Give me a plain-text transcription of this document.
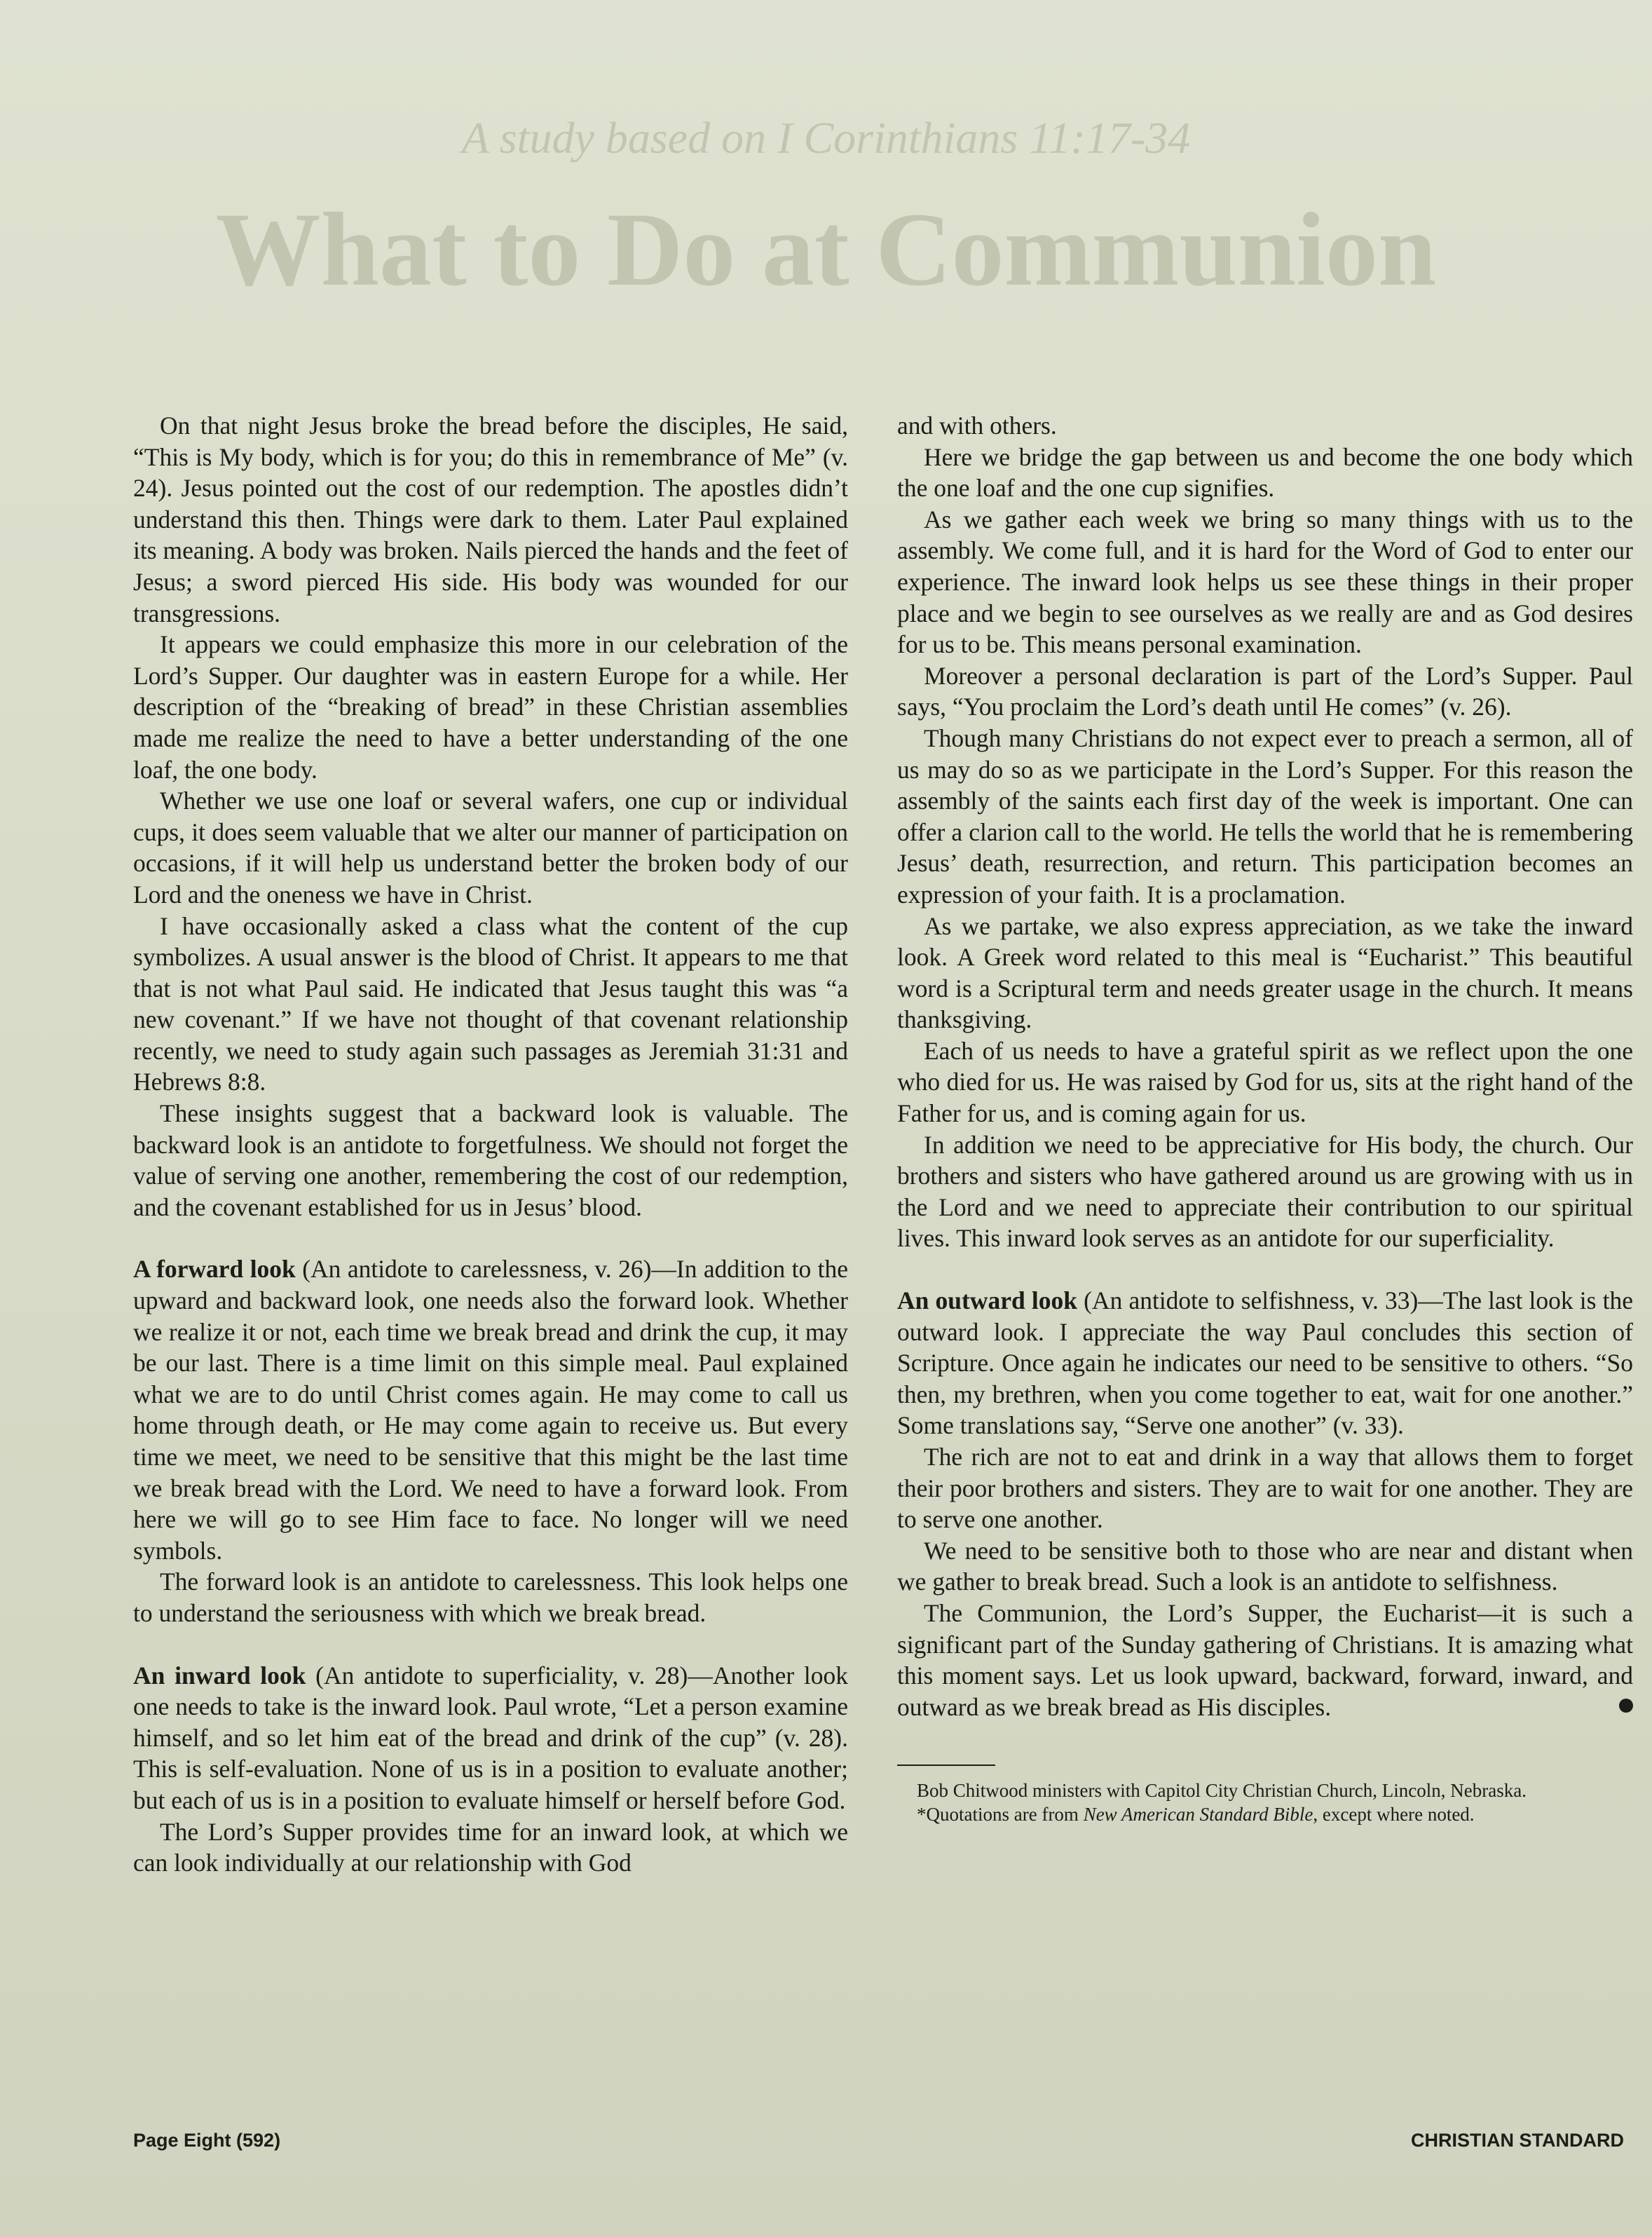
A study based on I Corinthians 11:17-34
What to Do at Communion

On that night Jesus broke the bread before the disciples, He said, “This is My body, which is for you; do this in remembrance of Me” (v. 24). Jesus pointed out the cost of our redemption. The apostles didn’t understand this then. Things were dark to them. Later Paul explained its meaning. A body was broken. Nails pierced the hands and the feet of Jesus; a sword pierced His side. His body was wounded for our transgressions.

It appears we could emphasize this more in our celebration of the Lord’s Supper. Our daughter was in eastern Europe for a while. Her description of the “breaking of bread” in these Christian assemblies made me realize the need to have a better understanding of the one loaf, the one body.

Whether we use one loaf or several wafers, one cup or individual cups, it does seem valuable that we alter our manner of participation on occasions, if it will help us understand better the broken body of our Lord and the oneness we have in Christ.

I have occasionally asked a class what the content of the cup symbolizes. A usual answer is the blood of Christ. It appears to me that that is not what Paul said. He indicated that Jesus taught this was “a new covenant.” If we have not thought of that covenant relationship recently, we need to study again such passages as Jeremiah 31:31 and Hebrews 8:8.

These insights suggest that a backward look is valuable. The backward look is an antidote to forgetfulness. We should not forget the value of serving one another, remembering the cost of our redemption, and the covenant established for us in Jesus’ blood.

A forward look (An antidote to carelessness, v. 26)—In addition to the upward and backward look, one needs also the forward look. Whether we realize it or not, each time we break bread and drink the cup, it may be our last. There is a time limit on this simple meal. Paul explained what we are to do until Christ comes again. He may come to call us home through death, or He may come again to receive us. But every time we meet, we need to be sensitive that this might be the last time we break bread with the Lord. We need to have a forward look. From here we will go to see Him face to face. No longer will we need symbols.

The forward look is an antidote to carelessness. This look helps one to understand the seriousness with which we break bread.

An inward look (An antidote to superficiality, v. 28)—Another look one needs to take is the inward look. Paul wrote, “Let a person examine himself, and so let him eat of the bread and drink of the cup” (v. 28). This is self-evaluation. None of us is in a position to evaluate another; but each of us is in a position to evaluate himself or herself before God.

The Lord’s Supper provides time for an inward look, at which we can look individually at our relationship with God

and with others.

Here we bridge the gap between us and become the one body which the one loaf and the one cup signifies.

As we gather each week we bring so many things with us to the assembly. We come full, and it is hard for the Word of God to enter our experience. The inward look helps us see these things in their proper place and we begin to see ourselves as we really are and as God desires for us to be. This means personal examination.

Moreover a personal declaration is part of the Lord’s Supper. Paul says, “You proclaim the Lord’s death until He comes” (v. 26).

Though many Christians do not expect ever to preach a sermon, all of us may do so as we participate in the Lord’s Supper. For this reason the assembly of the saints each first day of the week is important. One can offer a clarion call to the world. He tells the world that he is remembering Jesus’ death, resurrection, and return. This participation becomes an expression of your faith. It is a proclamation.

As we partake, we also express appreciation, as we take the inward look. A Greek word related to this meal is “Eucharist.” This beautiful word is a Scriptural term and needs greater usage in the church. It means thanksgiving.

Each of us needs to have a grateful spirit as we reflect upon the one who died for us. He was raised by God for us, sits at the right hand of the Father for us, and is coming again for us.

In addition we need to be appreciative for His body, the church. Our brothers and sisters who have gathered around us are growing with us in the Lord and we need to appreciate their contribution to our spiritual lives. This inward look serves as an antidote for our superficiality.

An outward look (An antidote to selfishness, v. 33)—The last look is the outward look. I appreciate the way Paul concludes this section of Scripture. Once again he indicates our need to be sensitive to others. “So then, my brethren, when you come together to eat, wait for one another.” Some translations say, “Serve one another” (v. 33).

The rich are not to eat and drink in a way that allows them to forget their poor brothers and sisters. They are to wait for one another. They are to serve one another.

We need to be sensitive both to those who are near and distant when we gather to break bread. Such a look is an antidote to selfishness.

The Communion, the Lord’s Supper, the Eucharist—it is such a significant part of the Sunday gathering of Christians. It is amazing what this moment says. Let us look upward, backward, forward, inward, and outward as we break bread as His disciples.

Bob Chitwood ministers with Capitol City Christian Church, Lincoln, Nebraska.

*Quotations are from New American Standard Bible, except where noted.

Page Eight (592)	CHRISTIAN STANDARD
